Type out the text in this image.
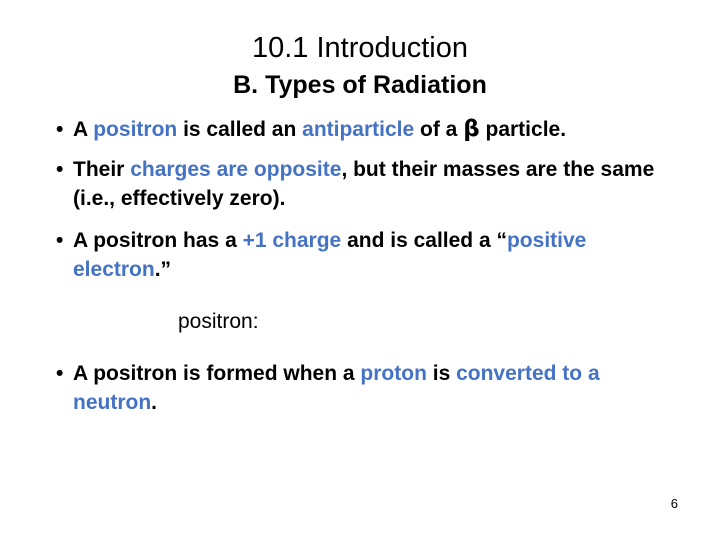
10.1 Introduction
B. Types of Radiation
• A positron is called an antiparticle of a β particle.
• Their charges are opposite, but their masses are the same (i.e., effectively zero).
• A positron has a +1 charge and is called a “positive electron.”
positron:
• A positron is formed when a proton is converted to a neutron.
6
